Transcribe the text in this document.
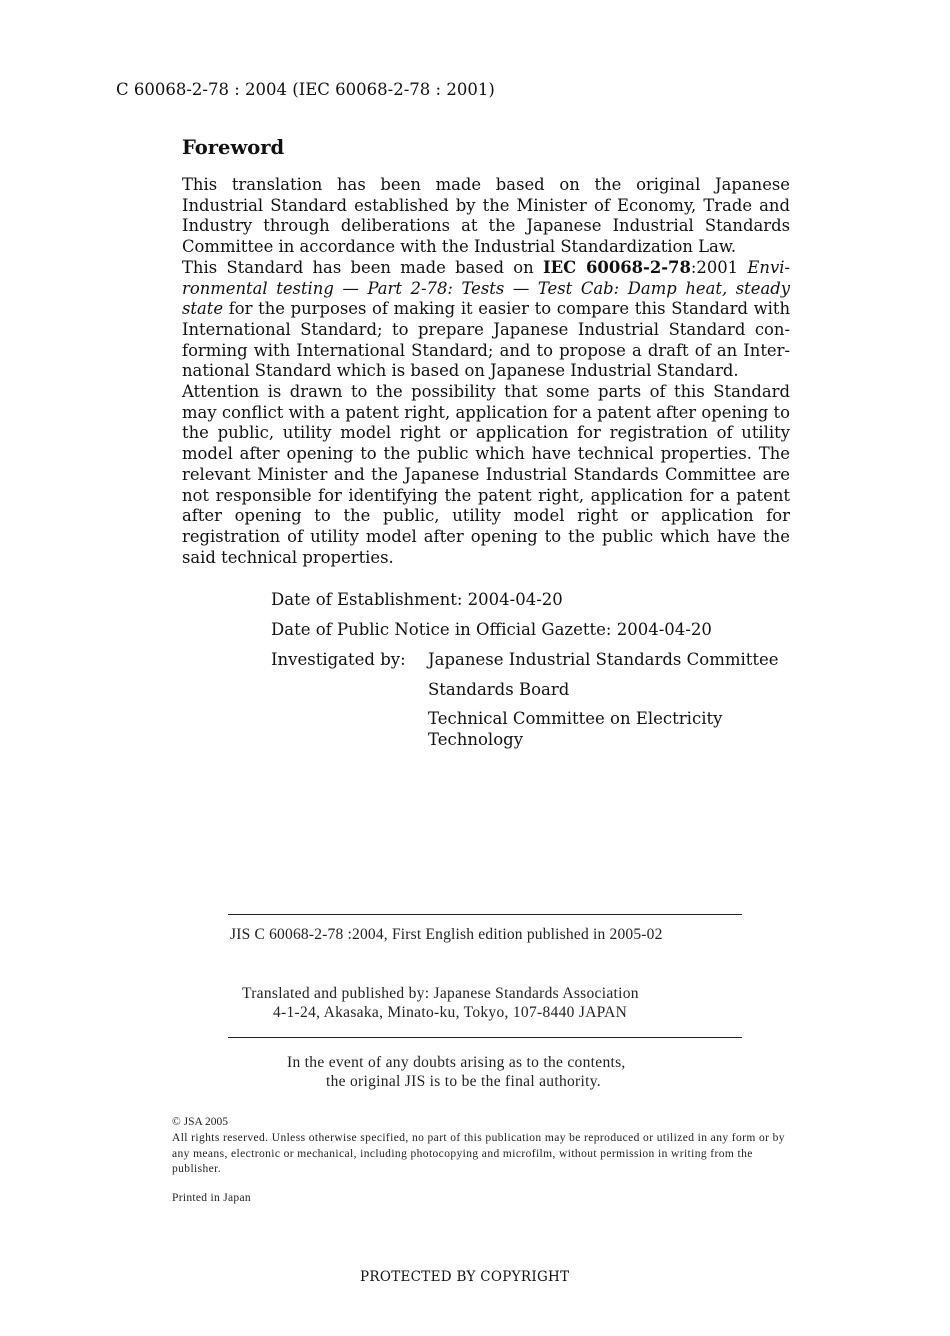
C 60068-2-78 : 2004 (IEC 60068-2-78 : 2001)
Foreword

This translation has been made based on the original Japanese Industrial Standard established by the Minister of Economy, Trade and Industry through deliberations at the Japanese Industrial Standards Committee in accordance with the Industrial Standardization Law.

This Standard has been made based on IEC 60068-2-78:2001 Environmental testing — Part 2-78: Tests — Test Cab: Damp heat, steady state for the purposes of making it easier to compare this Standard with International Standard; to prepare Japanese Industrial Standard conforming with International Standard; and to propose a draft of an International Standard which is based on Japanese Industrial Standard.

Attention is drawn to the possibility that some parts of this Standard may conflict with a patent right, application for a patent after opening to the public, utility model right or application for registration of utility model after opening to the public which have technical properties. The relevant Minister and the Japanese Industrial Standards Committee are not responsible for identifying the patent right, application for a patent after opening to the public, utility model right or application for registration of utility model after opening to the public which have the said technical properties.

Date of Establishment: 2004-04-20
Date of Public Notice in Official Gazette: 2004-04-20
Investigated by: Japanese Industrial Standards Committee
Standards Board
Technical Committee on Electricity
Technology
JIS C 60068-2-78 :2004, First English edition published in 2005-02
Translated and published by: Japanese Standards Association
4-1-24, Akasaka, Minato-ku, Tokyo, 107-8440 JAPAN
In the event of any doubts arising as to the contents,
the original JIS is to be the final authority.
© JSA 2005
All rights reserved. Unless otherwise specified, no part of this publication may be reproduced or utilized in any form or by any means, electronic or mechanical, including photocopying and microfilm, without permission in writing from the publisher.
Printed in Japan
PROTECTED BY COPYRIGHT
